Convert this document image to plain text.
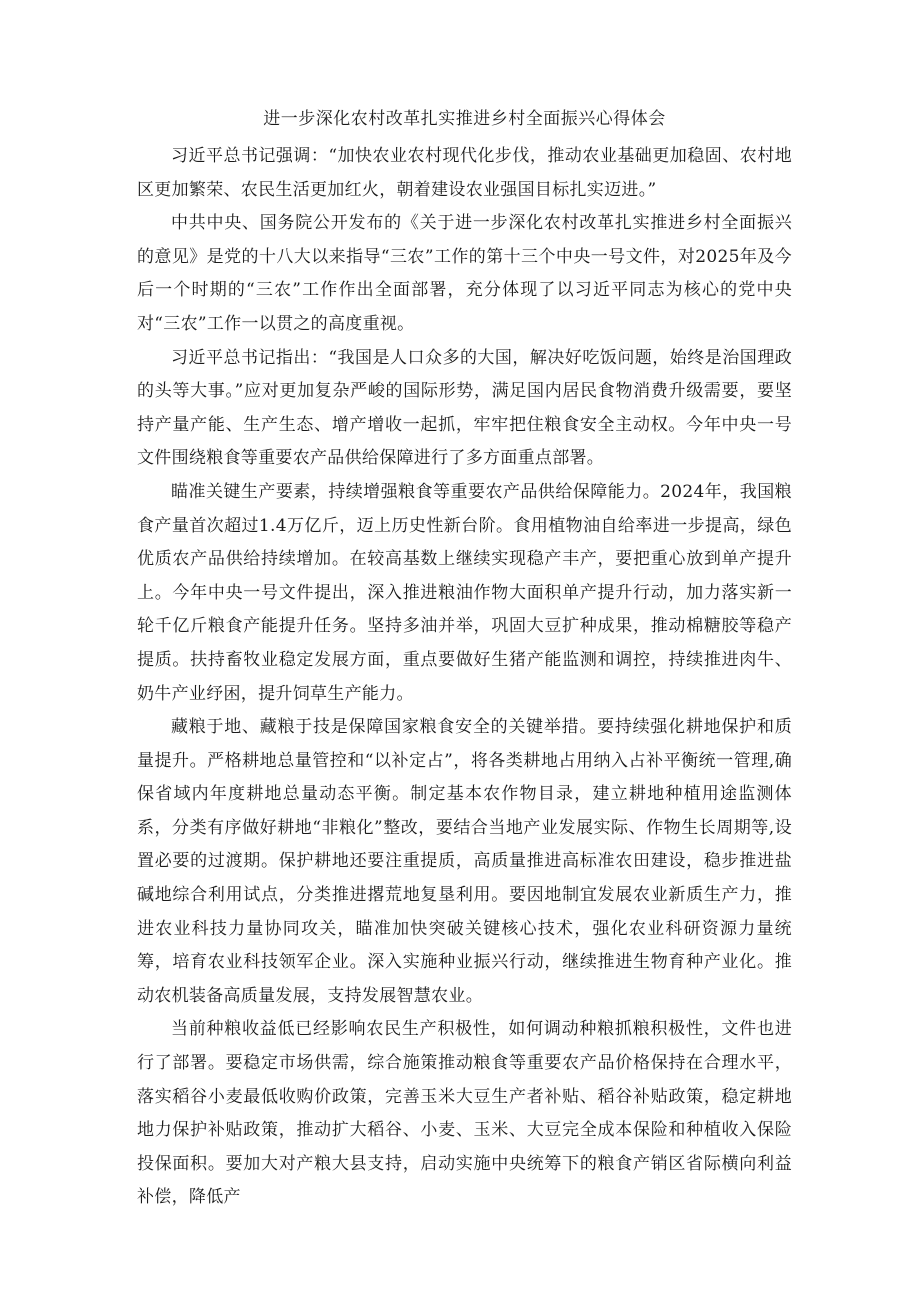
进一步深化农村改革扎实推进乡村全面振兴心得体会

习近平总书记强调：“加快农业农村现代化步伐，推动农业基础更加稳固、农村地区更加繁荣、农民生活更加红火，朝着建设农业强国目标扎实迈进。”

中共中央、国务院公开发布的《关于进一步深化农村改革扎实推进乡村全面振兴的意见》是党的十八大以来指导“三农”工作的第十三个中央一号文件，对2025年及今后一个时期的“三农”工作作出全面部署，充分体现了以习近平同志为核心的党中央对“三农”工作一以贯之的高度重视。

习近平总书记指出：“我国是人口众多的大国，解决好吃饭问题，始终是治国理政的头等大事。”应对更加复杂严峻的国际形势，满足国内居民食物消费升级需要，要坚持产量产能、生产生态、增产增收一起抓，牢牢把住粮食安全主动权。今年中央一号文件围绕粮食等重要农产品供给保障进行了多方面重点部署。

瞄准关键生产要素，持续增强粮食等重要农产品供给保障能力。2024年，我国粮食产量首次超过1.4万亿斤，迈上历史性新台阶。食用植物油自给率进一步提高，绿色优质农产品供给持续增加。在较高基数上继续实现稳产丰产，要把重心放到单产提升上。今年中央一号文件提出，深入推进粮油作物大面积单产提升行动，加力落实新一轮千亿斤粮食产能提升任务。坚持多油并举，巩固大豆扩种成果，推动棉糖胶等稳产提质。扶持畜牧业稳定发展方面，重点要做好生猪产能监测和调控，持续推进肉牛、奶牛产业纾困，提升饲草生产能力。

藏粮于地、藏粮于技是保障国家粮食安全的关键举措。要持续强化耕地保护和质量提升。严格耕地总量管控和“以补定占”，将各类耕地占用纳入占补平衡统一管理,确保省域内年度耕地总量动态平衡。制定基本农作物目录，建立耕地种植用途监测体系，分类有序做好耕地“非粮化”整改，要结合当地产业发展实际、作物生长周期等,设置必要的过渡期。保护耕地还要注重提质，高质量推进高标准农田建设，稳步推进盐碱地综合利用试点，分类推进撂荒地复垦利用。要因地制宜发展农业新质生产力，推进农业科技力量协同攻关，瞄准加快突破关键核心技术，强化农业科研资源力量统筹，培育农业科技领军企业。深入实施种业振兴行动，继续推进生物育种产业化。推动农机装备高质量发展，支持发展智慧农业。

当前种粮收益低已经影响农民生产积极性，如何调动种粮抓粮积极性，文件也进行了部署。要稳定市场供需，综合施策推动粮食等重要农产品价格保持在合理水平，落实稻谷小麦最低收购价政策，完善玉米大豆生产者补贴、稻谷补贴政策，稳定耕地地力保护补贴政策，推动扩大稻谷、小麦、玉米、大豆完全成本保险和种植收入保险投保面积。要加大对产粮大县支持，启动实施中央统筹下的粮食产销区省际横向利益补偿，降低产
